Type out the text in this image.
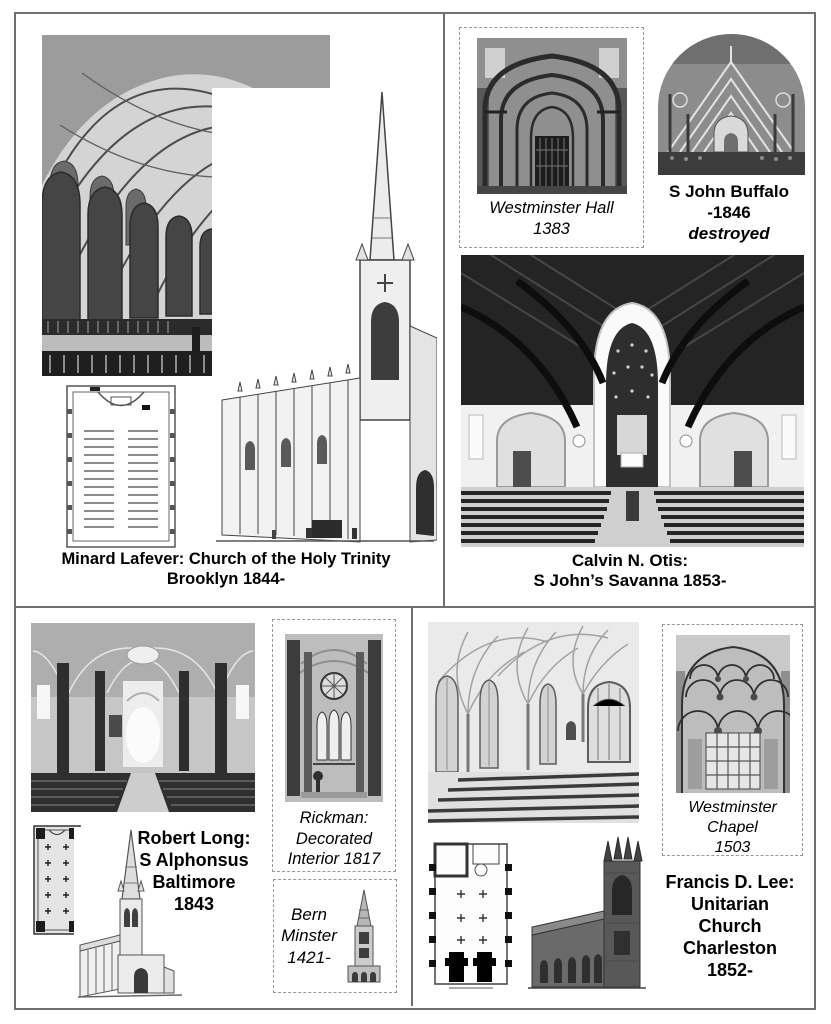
Minard Lafever: Church of the Holy Trinity
Brooklyn 1844-
Westminster Hall
1383
S John Buffalo
-1846
destroyed
Calvin N. Otis:
S John’s Savanna 1853-
Rickman:
Decorated
Interior 1817
Robert Long:
S Alphonsus
Baltimore
1843
Bern
Minster
1421-
Westminster
Chapel
1503
Francis D. Lee:
Unitarian
Church
Charleston
1852-
